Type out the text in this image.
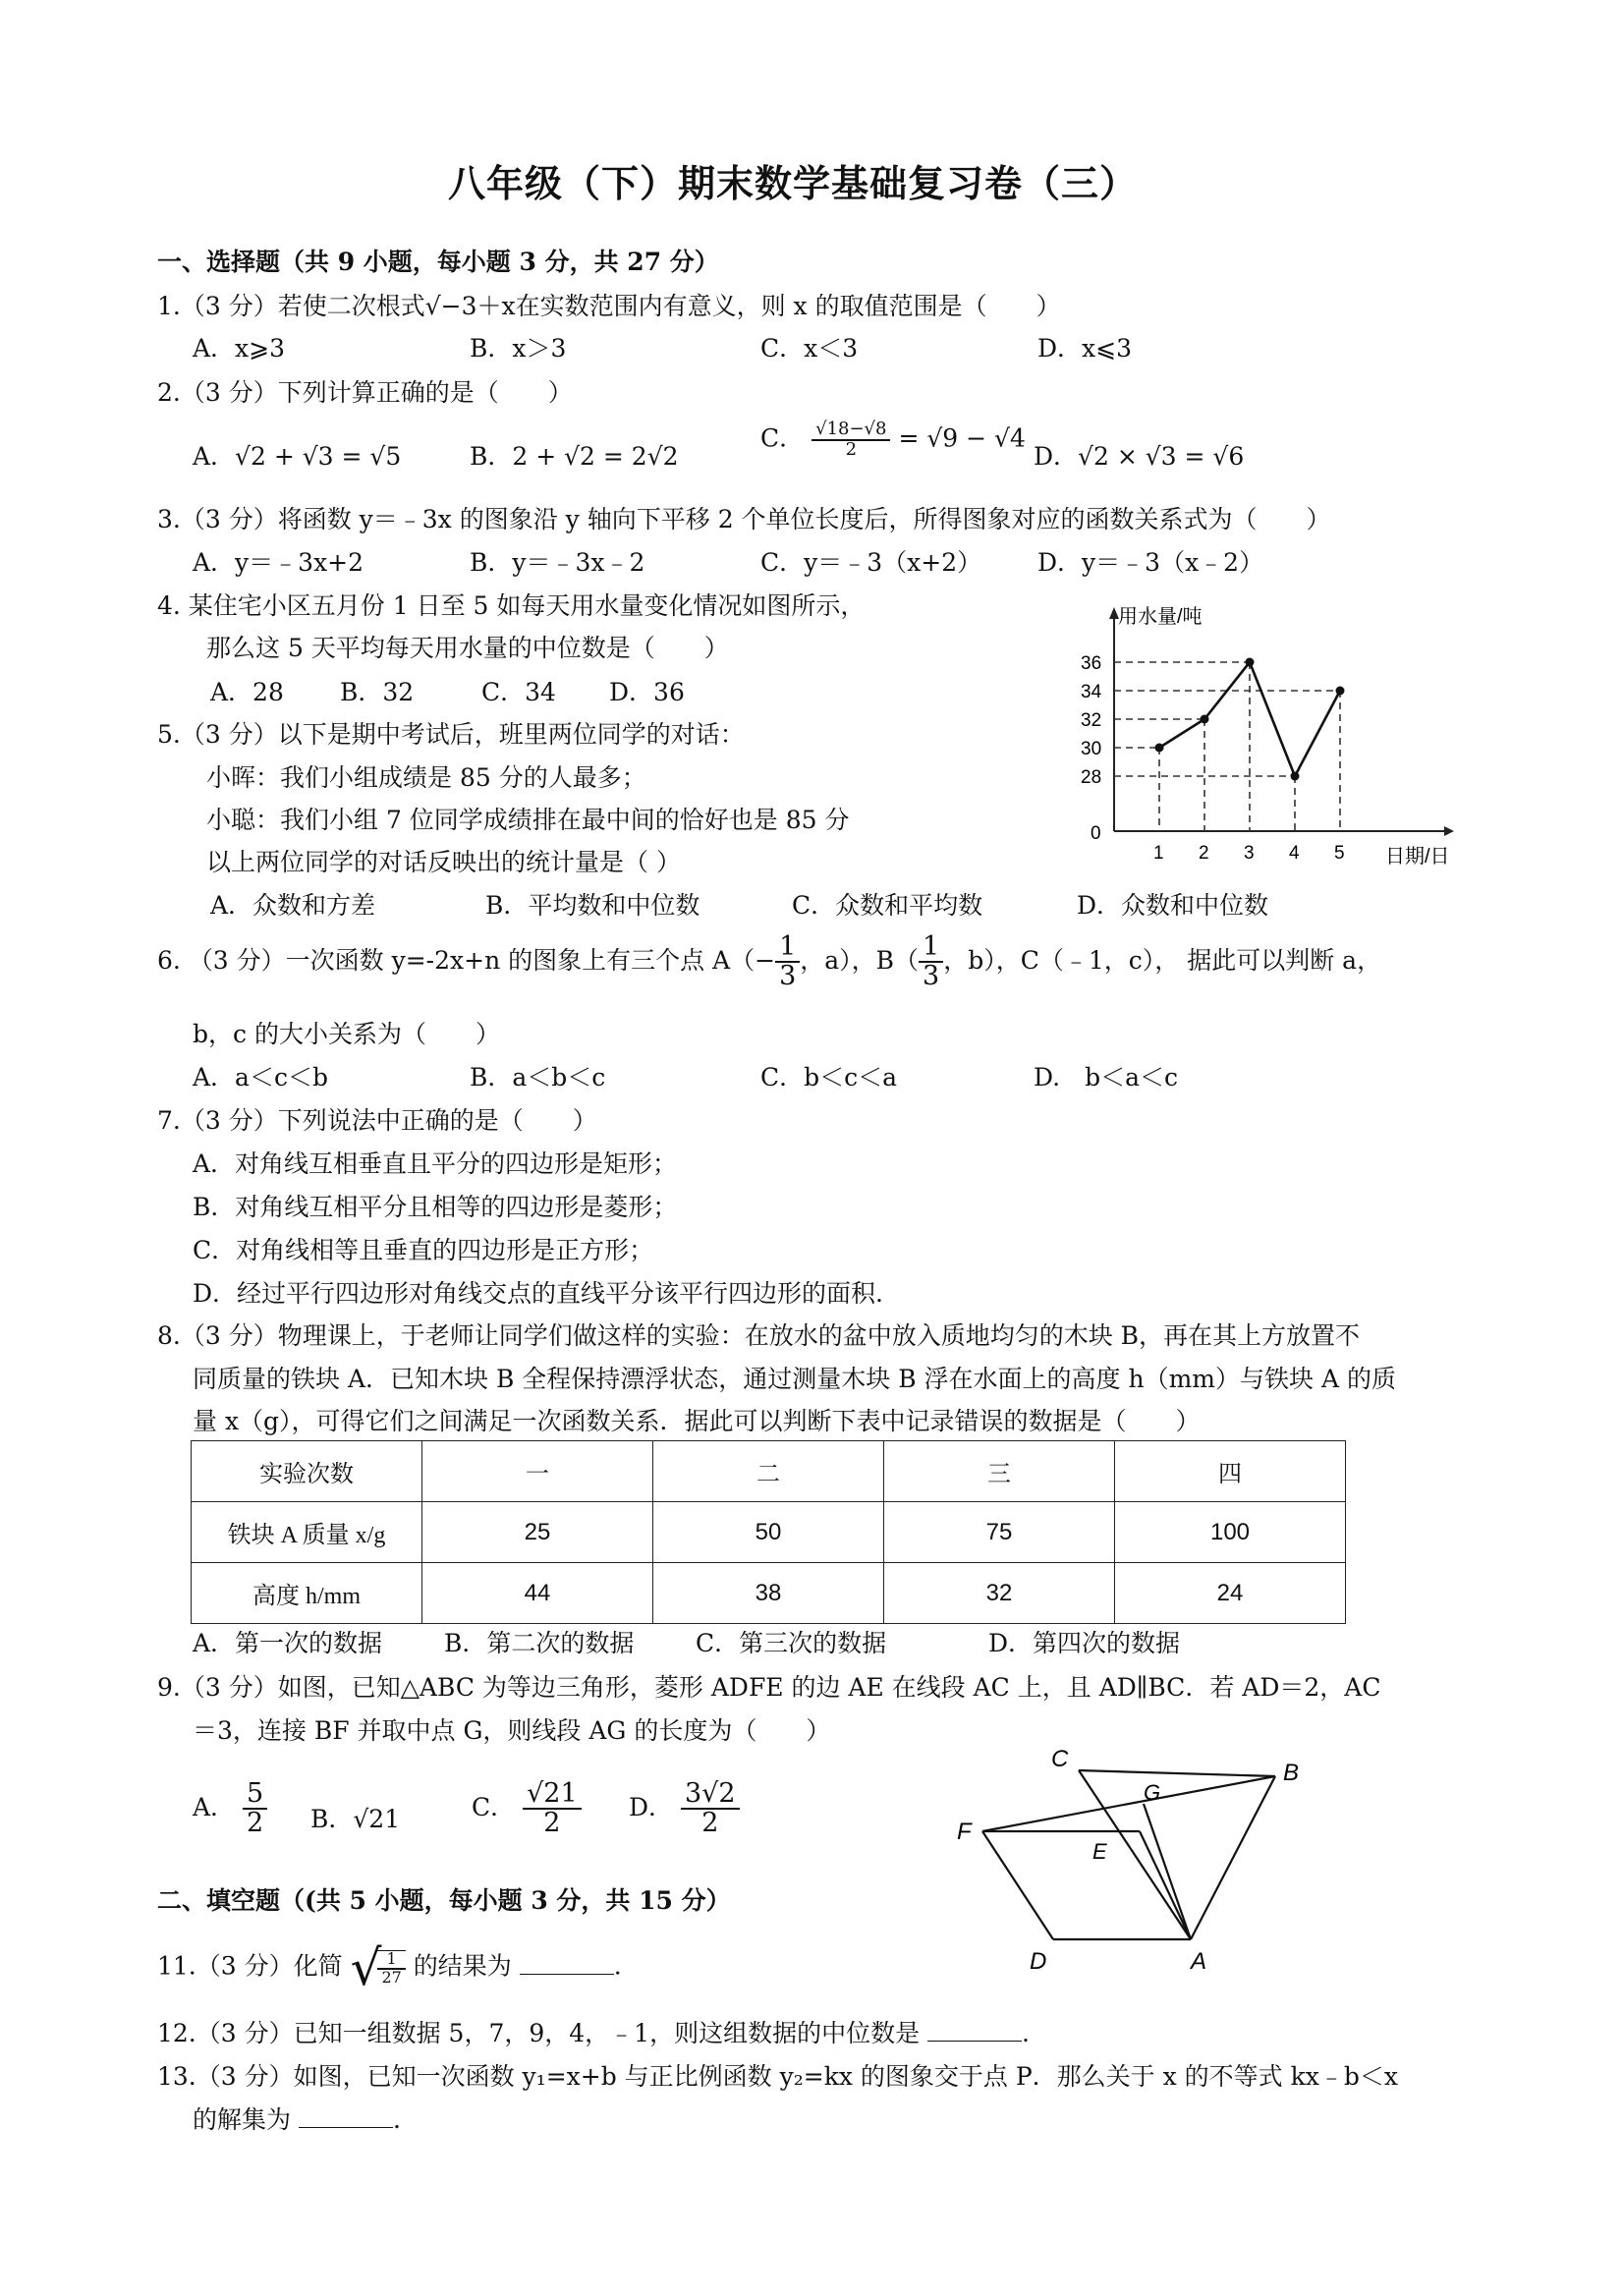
八年级（下）期末数学基础复习卷（三）
一、选择题（共 9 小题，每小题 3 分，共 27 分）
1.（3 分）若使二次根式√−3＋x在实数范围内有意义，则 x 的取值范围是（　　）
A．x⩾3	B．x＞3	C．x＜3	D．x⩽3
2.（3 分）下列计算正确的是（　　）
A．√2 + √3 = √5	B．2 + √2 = 2√2
C． $\frac{√18-√8}{2} = √9 - √4$
D．√2 × √3 = √6
3.（3 分）将函数 y＝﹣3x 的图象沿 y 轴向下平移 2 个单位长度后，所得图象对应的函数关系式为（　　）
A．y＝﹣3x+2	B．y＝﹣3x﹣2	C．y＝﹣3（x+2） D．y＝﹣3（x﹣2）
4. 某住宅小区五月份 1 日至 5 如每天用水量变化情况如图所示，
那么这 5 天平均每天用水量的中位数是（　　）
A．28 B．32	C．34 D．36
用水量/吨
日期/日
0
36
34
32
30
28
1 2 3 4 5
5.（3 分）以下是期中考试后，班里两位同学的对话：
小晖：我们小组成绩是 85 分的人最多；
小聪：我们小组 7 位同学成绩排在最中间的恰好也是 85 分
以上两位同学的对话反映出的统计量是（ ）
A．众数和方差	B．平均数和中位数	C．众数和平均数	D．众数和中位数
6. （3 分）一次函数 y=-2x+n 的图象上有三个点 $A(- \frac{1}{3}$ ，a），$B( \frac{1}{3}$ ，b），C（﹣1，c）， 据此可以判断 a，
b，c 的大小关系为（　　）
A．a＜c＜b	B．a＜b＜c	C．b＜c＜a	D.　b＜a＜c
7.（3 分）下列说法中正确的是（　　）
A．对角线互相垂直且平分的四边形是矩形；
B．对角线互相平分且相等的四边形是菱形；
C．对角线相等且垂直的四边形是正方形；
D．经过平行四边形对角线交点的直线平分该平行四边形的面积.
8.（3 分）物理课上，于老师让同学们做这样的实验：在放水的盆中放入质地均匀的木块 B，再在其上方放置不
同质量的铁块 A．已知木块 B 全程保持漂浮状态，通过测量木块 B 浮在水面上的高度 h（mm）与铁块 A 的质
量 x（g），可得它们之间满足一次函数关系．据此可以判断下表中记录错误的数据是（　　）
实验次数	一	二	三	四
铁块 A 质量 x/g	25	50	75	100
高度 h/mm	44	38	32	24
A．第一次的数据	B．第二次的数据	C．第三次的数据	D．第四次的数据
9.（3 分）如图，已知△ABC 为等边三角形，菱形 ADFE 的边 AE 在线段 AC 上，且 AD∥BC．若 AD＝2，AC
＝3，连接 BF 并取中点 G，则线段 AG 的长度为（　　）
A． $\frac{5}{2}$ B．√21	C． $\frac{√21}{2}$ D． $\frac{3√2}{2}$
C
B
G
F
E
D	A
二、填空题（(共 5 小题，每小题 3 分，共 15 分）
11.（3 分）化简 √
$\frac{1}{27}$ 的结果为	.
12.（3 分）已知一组数据 5，7，9，4，﹣1，则这组数据的中位数是	.
13.（3 分）如图，已知一次函数 y₁=x+b 与正比例函数 y₂=kx 的图象交于点 P．那么关于 x 的不等式 kx﹣b＜x
的解集为	.
